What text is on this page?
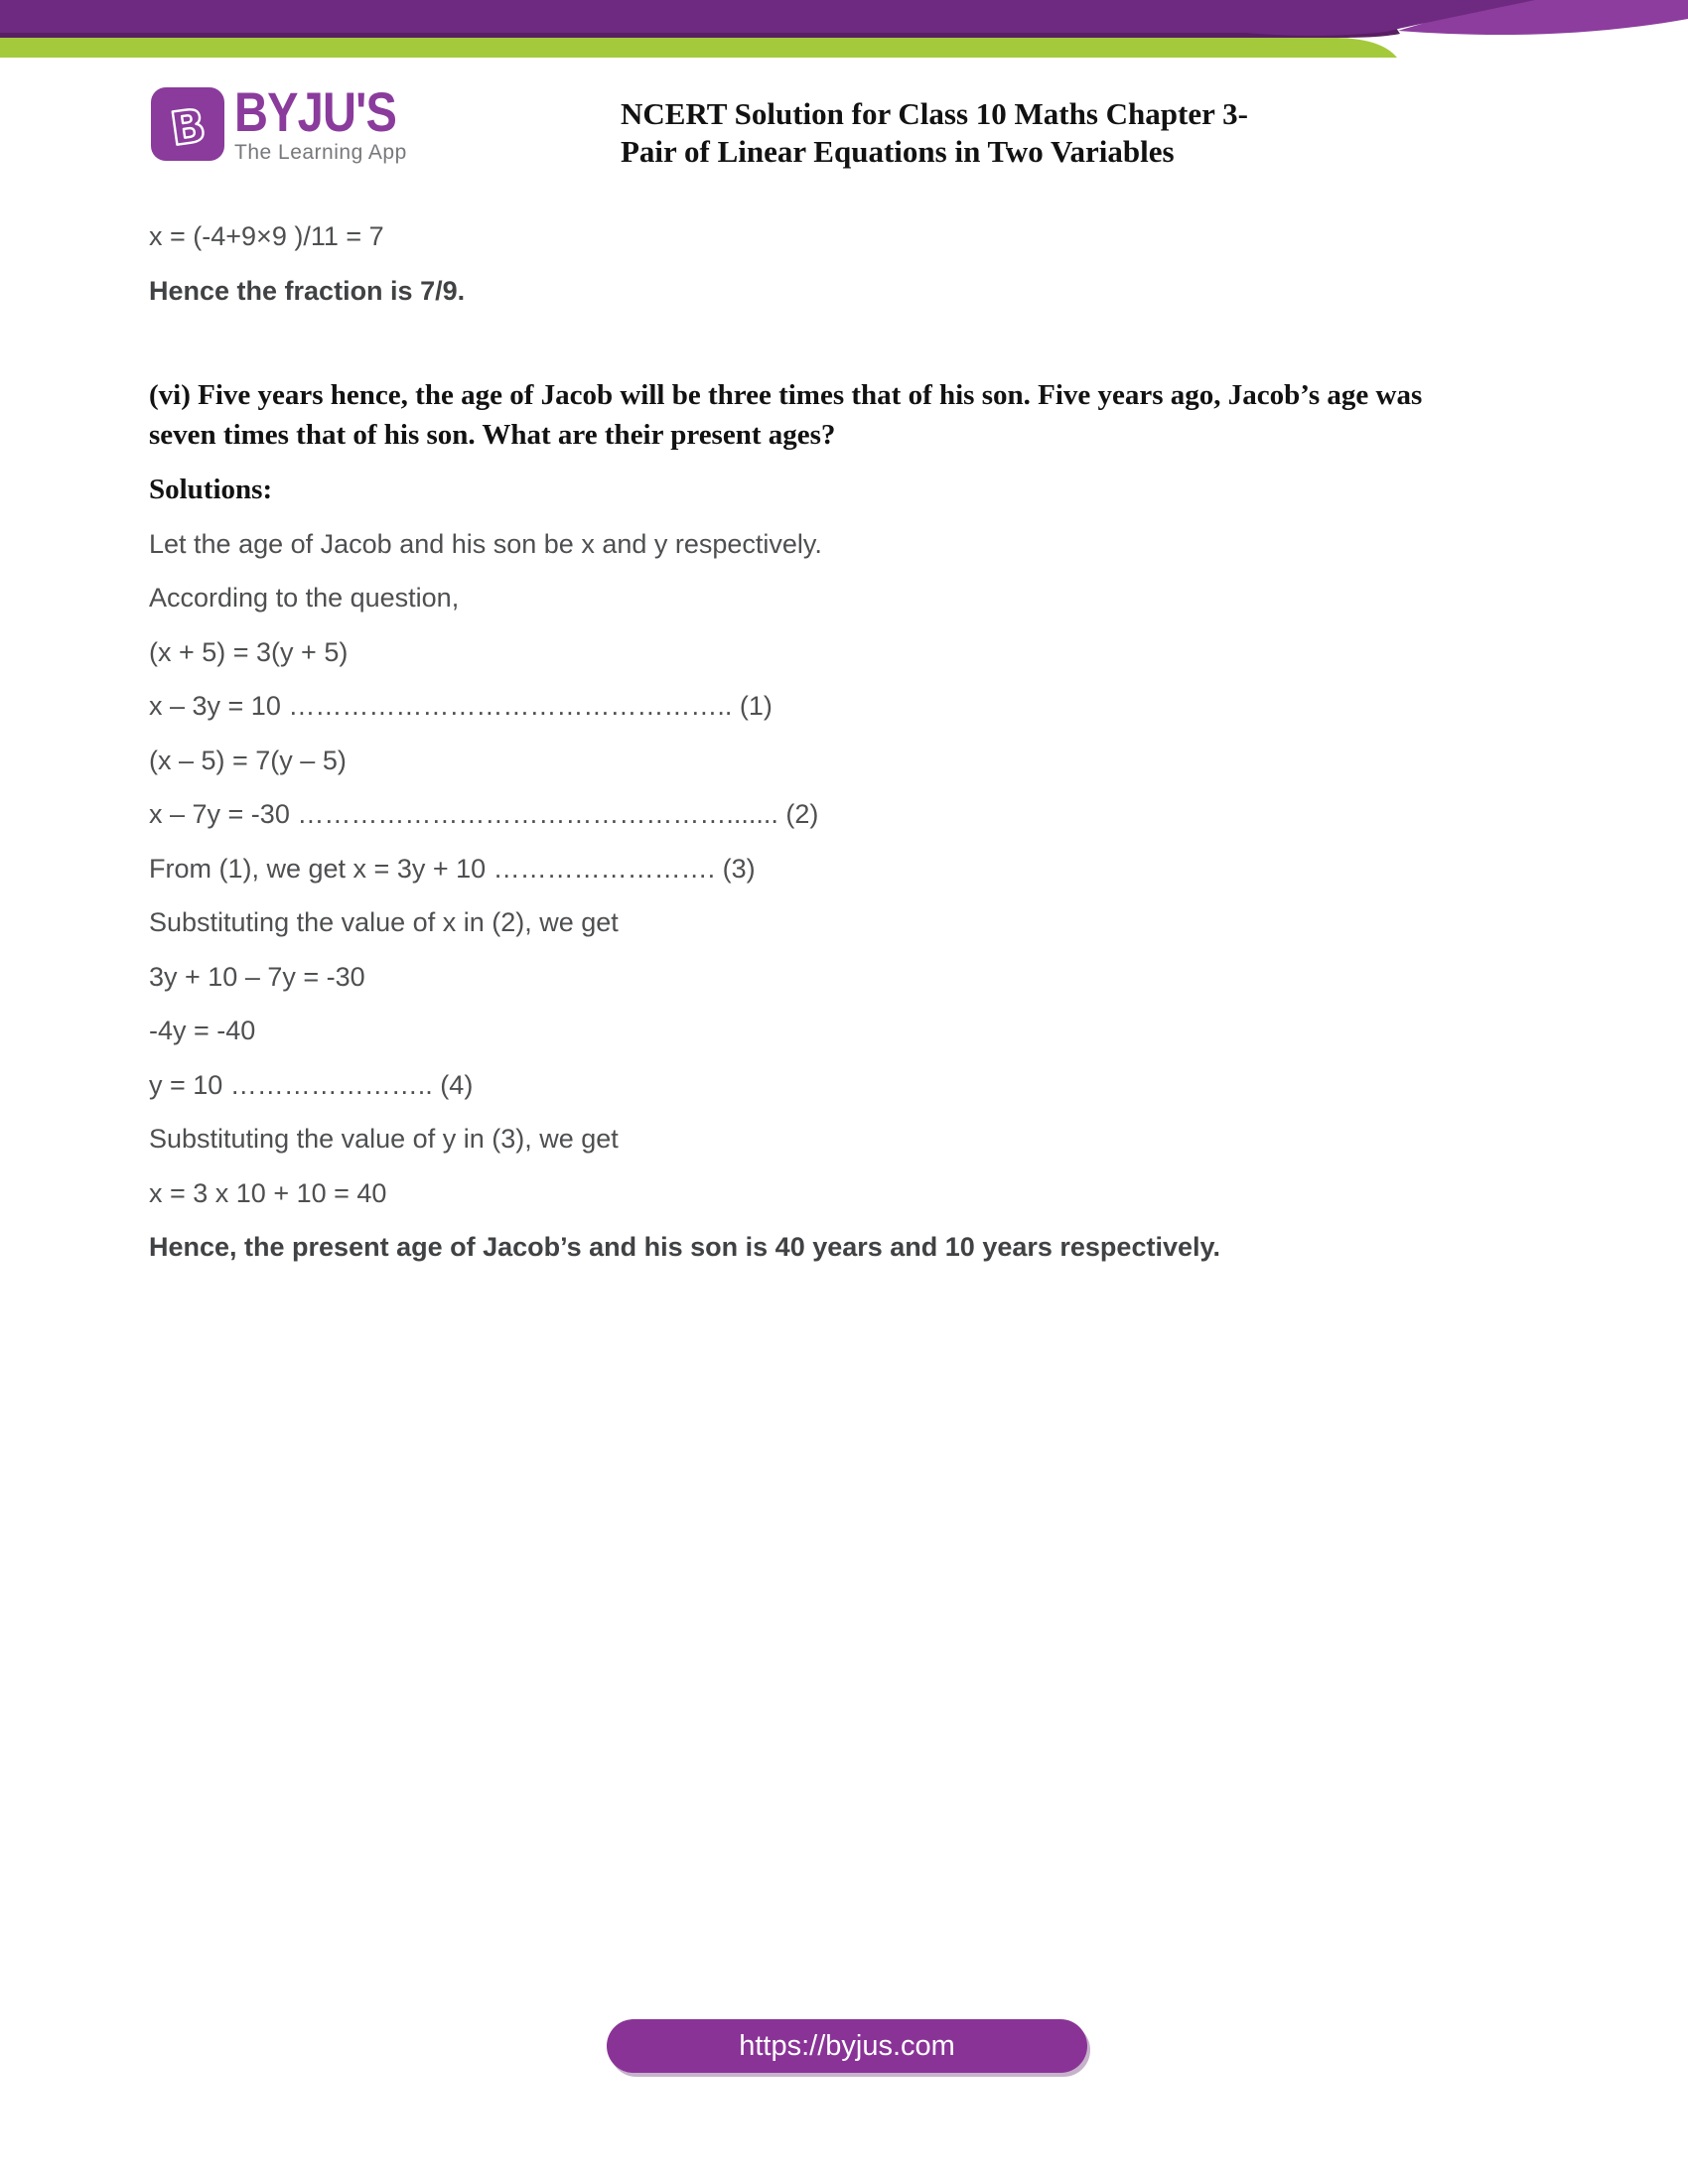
B BYJU'S
The Learning App
NCERT Solution for Class 10 Maths Chapter 3-
Pair of Linear Equations in Two Variables
x = (-4+9×9 )/11 = 7
Hence the fraction is 7/9.
(vi) Five years hence, the age of Jacob will be three times that of his son. Five years ago, Jacob’s age was
seven times that of his son. What are their present ages?
Solutions:
Let the age of Jacob and his son be x and y respectively.
According to the question,
(x + 5) = 3(y + 5)
x – 3y = 10 ………………………………………….. (1)
(x – 5) = 7(y – 5)
x – 7y = -30 …………………………………………....... (2)
From (1), we get x = 3y + 10 ……………………. (3)
Substituting the value of x in (2), we get
3y + 10 – 7y = -30
-4y = -40
y = 10 ………………….. (4)
Substituting the value of y in (3), we get
x = 3 x 10 + 10 = 40
Hence, the present age of Jacob’s and his son is 40 years and 10 years respectively.
https://byjus.com
